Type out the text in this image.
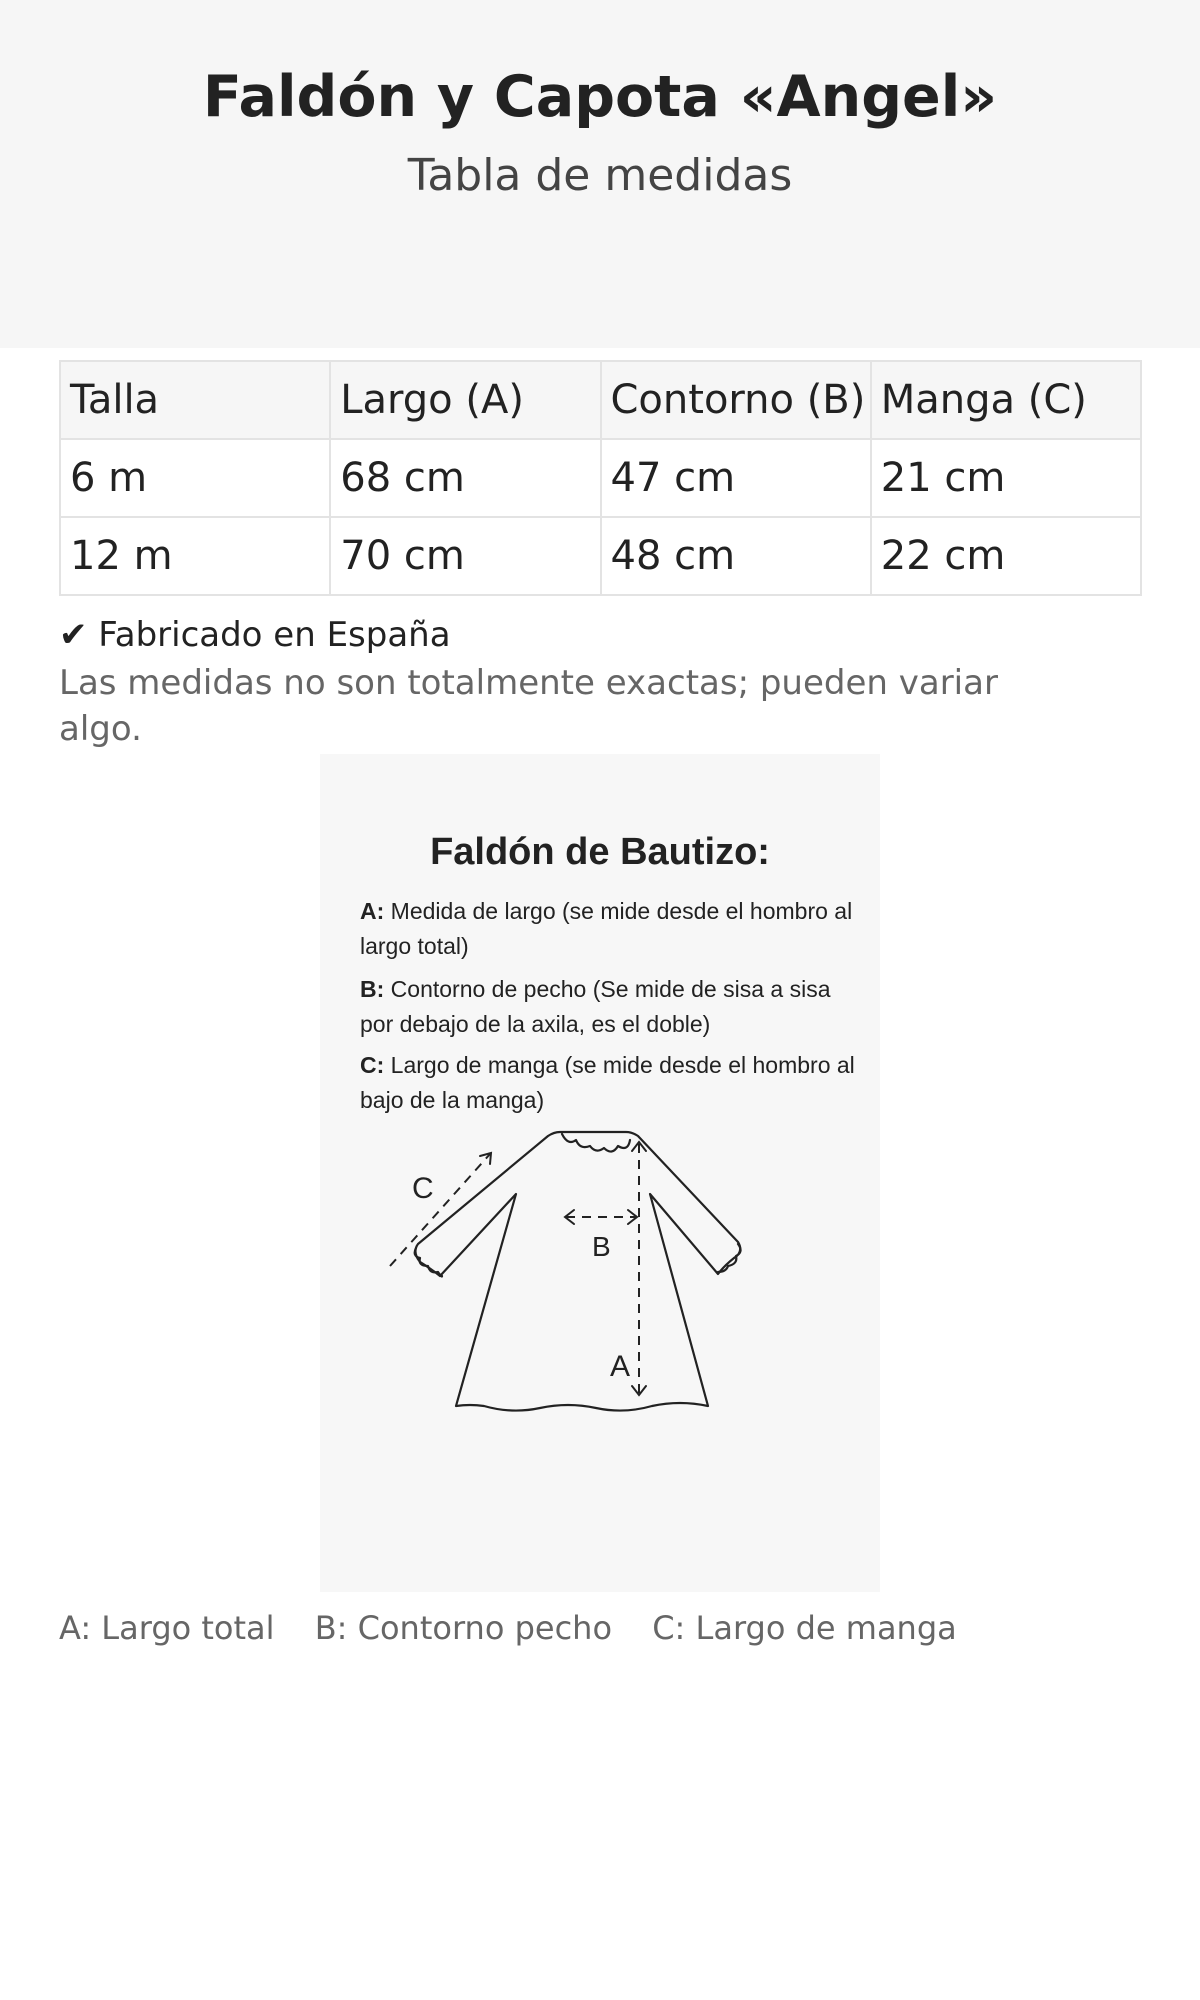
Faldón y Capota «Angel»
Tabla de medidas
Talla	Largo (A)	Contorno (B)	Manga (C)
6 m	68 cm	47 cm	21 cm
12 m	70 cm	48 cm	22 cm
✔ Fabricado en España
Las medidas no son totalmente exactas; pueden variar algo.
Faldón de Bautizo:
A: Medida de largo (se mide desde el hombro al largo total)
B: Contorno de pecho (Se mide de sisa a sisa por debajo de la axila, es el doble)
C: Largo de manga (se mide desde el hombro al bajo de la manga)
B
A
C
A: Largo total B: Contorno pecho C: Largo de manga
